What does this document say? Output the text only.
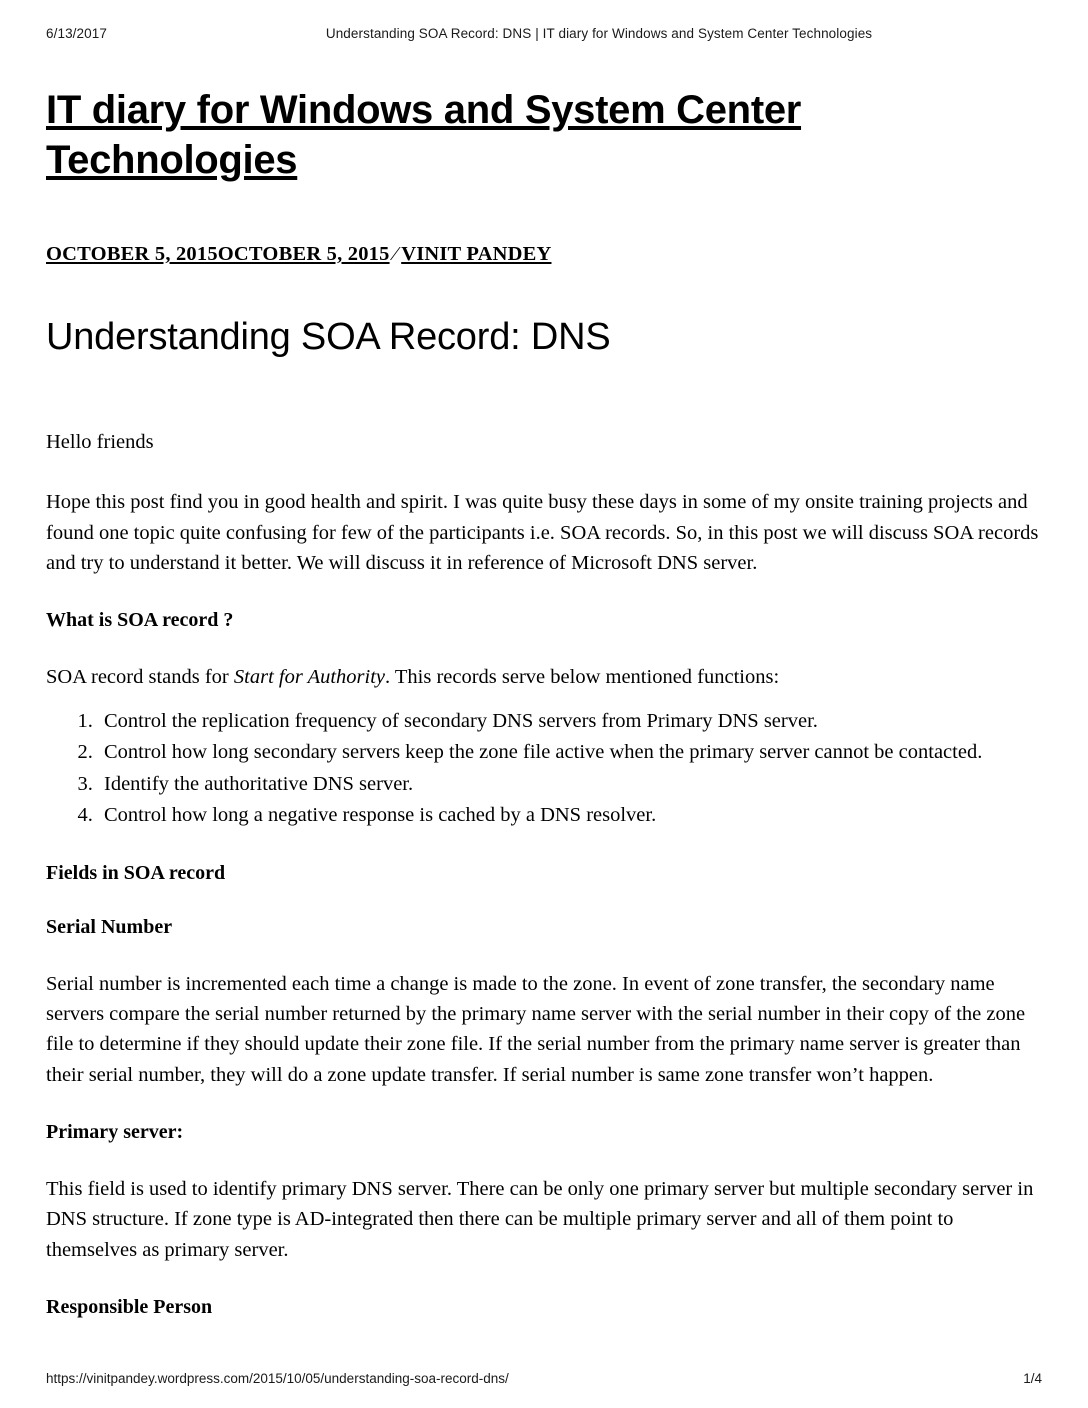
6/13/2017	Understanding SOA Record: DNS | IT diary for Windows and System Center Technologies
IT diary for Windows and System Center Technologies
OCTOBER 5, 2015OCTOBER 5, 2015 ⁄ VINIT PANDEY
Understanding SOA Record: DNS

Hello friends

Hope this post find you in good health and spirit. I was quite busy these days in some of my onsite training projects and found one topic quite confusing for few of the participants i.e. SOA records. So, in this post we will discuss SOA records and try to understand it better. We will discuss it in reference of Microsoft DNS server.

What is SOA record ?

SOA record stands for Start for Authority. This records serve below mentioned functions:

1. Control the replication frequency of secondary DNS servers from Primary DNS server.
2. Control how long secondary servers keep the zone file active when the primary server cannot be contacted.
3. Identify the authoritative DNS server.
4. Control how long a negative response is cached by a DNS resolver.
Fields in SOA record
Serial Number

Serial number is incremented each time a change is made to the zone. In event of zone transfer, the secondary name servers compare the serial number returned by the primary name server with the serial number in their copy of the zone file to determine if they should update their zone file. If the serial number from the primary name server is greater than their serial number, they will do a zone update transfer. If serial number is same zone transfer won’t happen.

Primary server:

This field is used to identify primary DNS server. There can be only one primary server but multiple secondary server in DNS structure. If zone type is AD-integrated then there can be multiple primary server and all of them point to themselves as primary server.

Responsible Person
https://vinitpandey.wordpress.com/2015/10/05/understanding-soa-record-dns/	1/4
